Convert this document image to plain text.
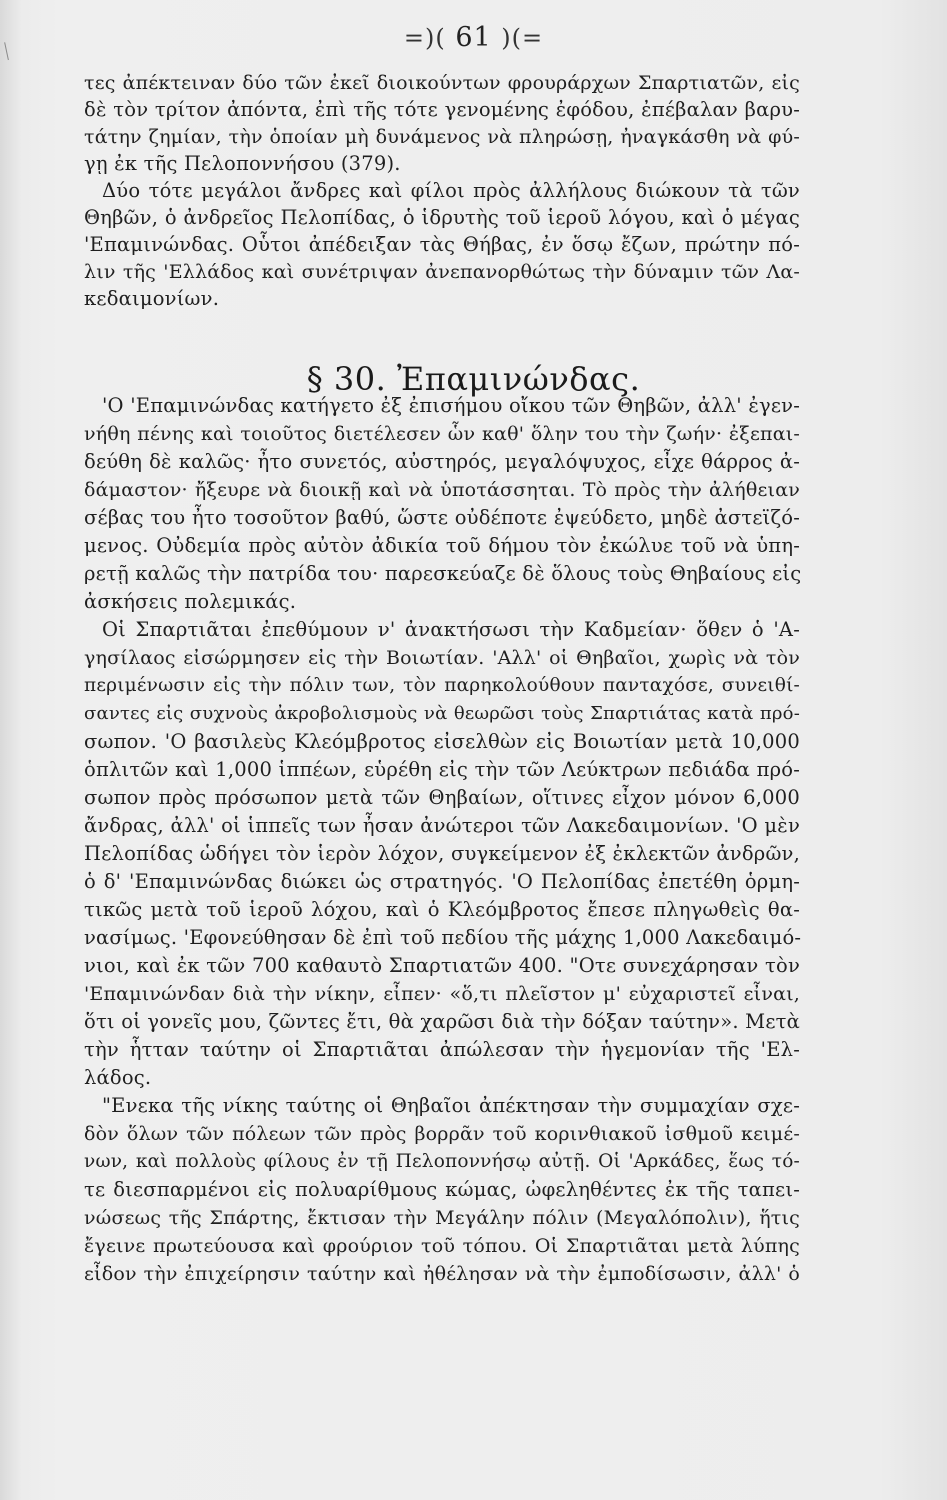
=)( 61 )(=
§ 30. Ἐπαμινώνδας.
τες ἀπέκτειναν δύο τῶν ἐκεῖ διοικούντων φρουράρχων Σπαρτιατῶν, εἰς
δὲ τὸν τρίτον ἀπόντα, ἐπὶ τῆς τότε γενομένης ἐφόδου, ἐπέβαλαν βαρυ-
τάτην ζημίαν, τὴν ὁποίαν μὴ δυνάμενος νὰ πληρώσῃ, ἠναγκάσθη νὰ φύ-
γῃ ἐκ τῆς Πελοποννήσου (379).
Δύο τότε μεγάλοι ἄνδρες καὶ φίλοι πρὸς ἀλλήλους διώκουν τὰ τῶν
Θηβῶν, ὁ ἀνδρεῖος Πελοπίδας, ὁ ἱδρυτὴς τοῦ ἱεροῦ λόγου, καὶ ὁ μέγας
'Επαμινώνδας. Οὗτοι ἀπέδειξαν τὰς Θήβας, ἐν ὅσῳ ἔζων, πρώτην πό-
λιν τῆς 'Ελλάδος καὶ συνέτριψαν ἀνεπανορθώτως τὴν δύναμιν τῶν Λα-
κεδαιμονίων.
'Ο 'Επαμινώνδας κατήγετο ἐξ ἐπισήμου οἴκου τῶν Θηβῶν, ἀλλ' ἐγεν-
νήθη πένης καὶ τοιοῦτος διετέλεσεν ὧν καθ' ὅλην του τὴν ζωήν· ἐξεπαι-
δεύθη δὲ καλῶς· ἦτο συνετός, αὐστηρός, μεγαλόψυχος, εἶχε θάρρος ἀ-
δάμαστον· ἤξευρε νὰ διοικῇ καὶ νὰ ὑποτάσσηται. Τὸ πρὸς τὴν ἀλήθειαν
σέβας του ἦτο τοσοῦτον βαθύ, ὥστε οὐδέποτε ἐψεύδετο, μηδὲ ἀστεϊζό-
μενος. Οὐδεμία πρὸς αὐτὸν ἀδικία τοῦ δήμου τὸν ἐκώλυε τοῦ νὰ ὑπη-
ρετῇ καλῶς τὴν πατρίδα του· παρεσκεύαζε δὲ ὅλους τοὺς Θηβαίους εἰς
ἀσκήσεις πολεμικάς.
Οἱ Σπαρτιᾶται ἐπεθύμουν ν' ἀνακτήσωσι τὴν Καδμείαν· ὅθεν ὁ 'Α-
γησίλαος εἰσώρμησεν εἰς τὴν Βοιωτίαν. 'Αλλ' οἱ Θηβαῖοι, χωρὶς νὰ τὸν
περιμένωσιν εἰς τὴν πόλιν των, τὸν παρηκολούθουν πανταχόσε, συνειθί-
σαντες εἰς συχνοὺς ἀκροβολισμοὺς νὰ θεωρῶσι τοὺς Σπαρτιάτας κατὰ πρό-
σωπον. 'Ο βασιλεὺς Κλεόμβροτος εἰσελθὼν εἰς Βοιωτίαν μετὰ 10,000
ὁπλιτῶν καὶ 1,000 ἱππέων, εὑρέθη εἰς τὴν τῶν Λεύκτρων πεδιάδα πρό-
σωπον πρὸς πρόσωπον μετὰ τῶν Θηβαίων, οἵτινες εἶχον μόνον 6,000
ἄνδρας, ἀλλ' οἱ ἱππεῖς των ἦσαν ἀνώτεροι τῶν Λακεδαιμονίων. 'Ο μὲν
Πελοπίδας ὡδήγει τὸν ἱερὸν λόχον, συγκείμενον ἐξ ἐκλεκτῶν ἀνδρῶν,
ὁ δ' 'Επαμινώνδας διώκει ὡς στρατηγός. 'Ο Πελοπίδας ἐπετέθη ὁρμη-
τικῶς μετὰ τοῦ ἱεροῦ λόχου, καὶ ὁ Κλεόμβροτος ἔπεσε πληγωθεὶς θα-
νασίμως. 'Εφονεύθησαν δὲ ἐπὶ τοῦ πεδίου τῆς μάχης 1,000 Λακεδαιμό-
νιοι, καὶ ἐκ τῶν 700 καθαυτὸ Σπαρτιατῶν 400. "Οτε συνεχάρησαν τὸν
'Επαμινώνδαν διὰ τὴν νίκην, εἶπεν· «ὅ,τι πλεῖστον μ' εὐχαριστεῖ εἶναι,
ὅτι οἱ γονεῖς μου, ζῶντες ἔτι, θὰ χαρῶσι διὰ τὴν δόξαν ταύτην». Μετὰ
τὴν ἧτταν ταύτην οἱ Σπαρτιᾶται ἀπώλεσαν τὴν ἡγεμονίαν τῆς 'Ελ-
λάδος.
"Ενεκα τῆς νίκης ταύτης οἱ Θηβαῖοι ἀπέκτησαν τὴν συμμαχίαν σχε-
δὸν ὅλων τῶν πόλεων τῶν πρὸς βορρᾶν τοῦ κορινθιακοῦ ἰσθμοῦ κειμέ-
νων, καὶ πολλοὺς φίλους ἐν τῇ Πελοποννήσῳ αὐτῇ. Οἱ 'Αρκάδες, ἕως τό-
τε διεσπαρμένοι εἰς πολυαρίθμους κώμας, ὠφεληθέντες ἐκ τῆς ταπει-
νώσεως τῆς Σπάρτης, ἔκτισαν τὴν Μεγάλην πόλιν (Μεγαλόπολιν), ἥτις
ἔγεινε πρωτεύουσα καὶ φρούριον τοῦ τόπου. Οἱ Σπαρτιᾶται μετὰ λύπης
εἶδον τὴν ἐπιχείρησιν ταύτην καὶ ἠθέλησαν νὰ τὴν ἐμποδίσωσιν, ἀλλ' ὁ
